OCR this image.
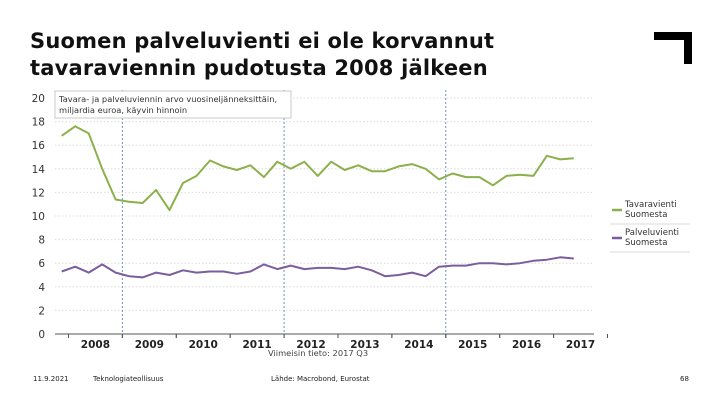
Suomen palveluvienti ei ole korvannut
tavaraviennin pudotusta 2008 jälkeen
0
2
4
6
8
10
12
14
16
18
20
2008 2009 2010 2011 2012 2013 2014 2015 2016 2017
Tavara- ja palveluviennin arvo vuosineljänneksittäin,
miljardia euroa, käyvin hinnoin
Viimeisin tieto: 2017 Q3
Tavaravienti
Suomesta
Palveluvienti
Suomesta
11.9.2021	Teknologiateollisuus	Lähde: Macrobond, Eurostat	68
